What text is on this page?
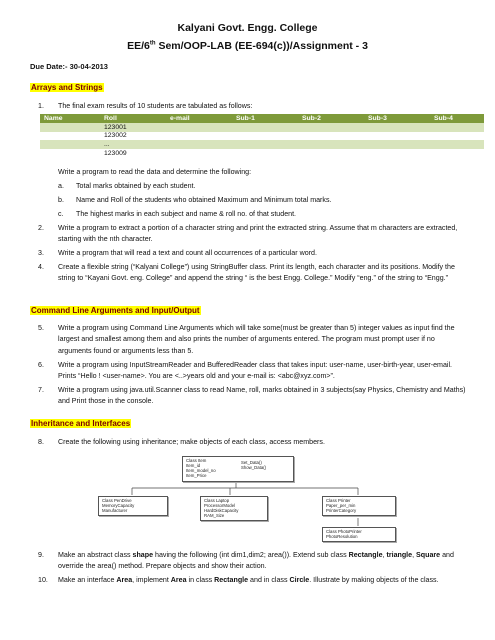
Kalyani Govt. Engg. College
EE/6th Sem/OOP-LAB (EE-694(c))/Assignment - 3
Due Date:- 30-04-2013
Arrays and Strings
1. The final exam results of 10 students are tabulated as follows:
Name	Roll	e-mail	Sub-1	Sub-2	Sub-3	Sub-4
	123001					
	123002					
	...					
	123009					
Write a program to read the data and determine the following:
a. Total marks obtained by each student.
b. Name and Roll of the students who obtained Maximum and Minimum total marks.
c. The highest marks in each subject and name & roll no. of that student.
2. Write a program to extract a portion of a character string and print the extracted string. Assume that m characters are extracted, starting with the nth character.
3. Write a program that will read a text and count all occurrences of a particular word.
4. Create a flexible string (“Kalyani College”) using StringBuffer class. Print its length, each character and its positions. Modify the string to “Kayani Govt. eng. College” and append the string “ is the best Engg. College.” Modify “eng.” of the string to “Engg.”
Command Line Arguments and Input/Output
5. Write a program using Command Line Arguments which will take some(must be greater than 5) integer values as input find the largest and smallest among them and also prints the number of arguments entered. The program must prompt user if no arguments found or arguments less than 5.
6. Write a program using InputStreamReader and BufferedReader class that takes input: user-name, user-birth-year, user-email. Prints “Hello ! <user-name>. You are <..>years old and your e-mail is: <abc@xyz.com>”.
7. Write a program using java.util.Scanner class to read Name, roll, marks obtained in 3 subjects(say Physics, Chemistry and Maths) and Print those in the console.
Inheritance and Interfaces
8. Create the following using inheritance; make objects of each class, access members.
Class Item
Item_id
Item_model_no
Item_Price
Set_Data()
Show_Data()
Class PenDrive
MemoryCapacity
Manufacturer
Class Laptop
ProcessorModel
HardDiskCapacity
RAM_Size
Class Printer
Paper_per_min
PrinterCategory
Class PhotoPrinter
PhotoResolution
9. Make an abstract class shape having the following (int dim1,dim2; area()). Extend sub class Rectangle, triangle, Square and override the area() method. Prepare objects and show their action.
10. Make an interface Area, implement Area in class Rectangle and in class Circle. Illustrate by making objects of the class.
